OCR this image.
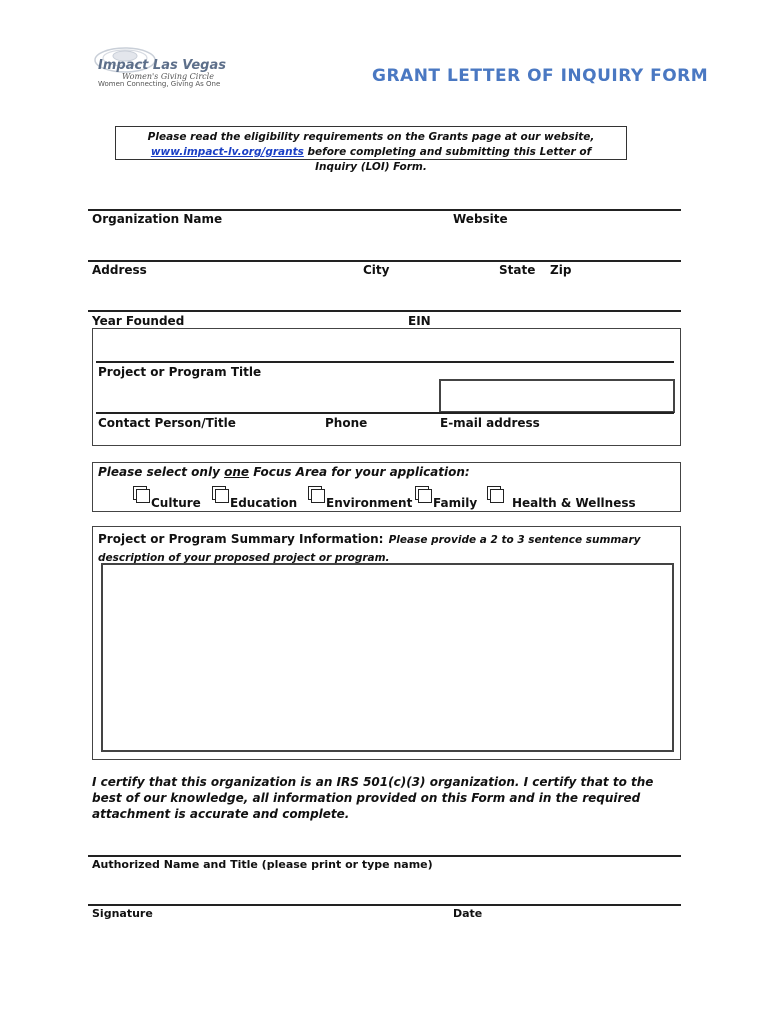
Impact Las Vegas
Women's Giving Circle
Women Connecting, Giving As One	GRANT LETTER OF INQUIRY FORM
Please read the eligibility requirements on the Grants page at our website, www.impact-lv.org/grants before completing and submitting this Letter of Inquiry (LOI) Form.
Organization Name	Website
Address	City	State Zip
Year Founded	EIN
Project or Program Title
Contact Person/Title	Phone	E-mail address
Please select only one Focus Area for your application:
Culture Education Environment Family	Health & Wellness
Project or Program Summary Information: Please provide a 2 to 3 sentence summary description of your proposed project or program.
I certify that this organization is an IRS 501(c)(3) organization. I certify that to the best of our knowledge, all information provided on this Form and in the required attachment is accurate and complete.
Authorized Name and Title (please print or type name)
Signature	Date
